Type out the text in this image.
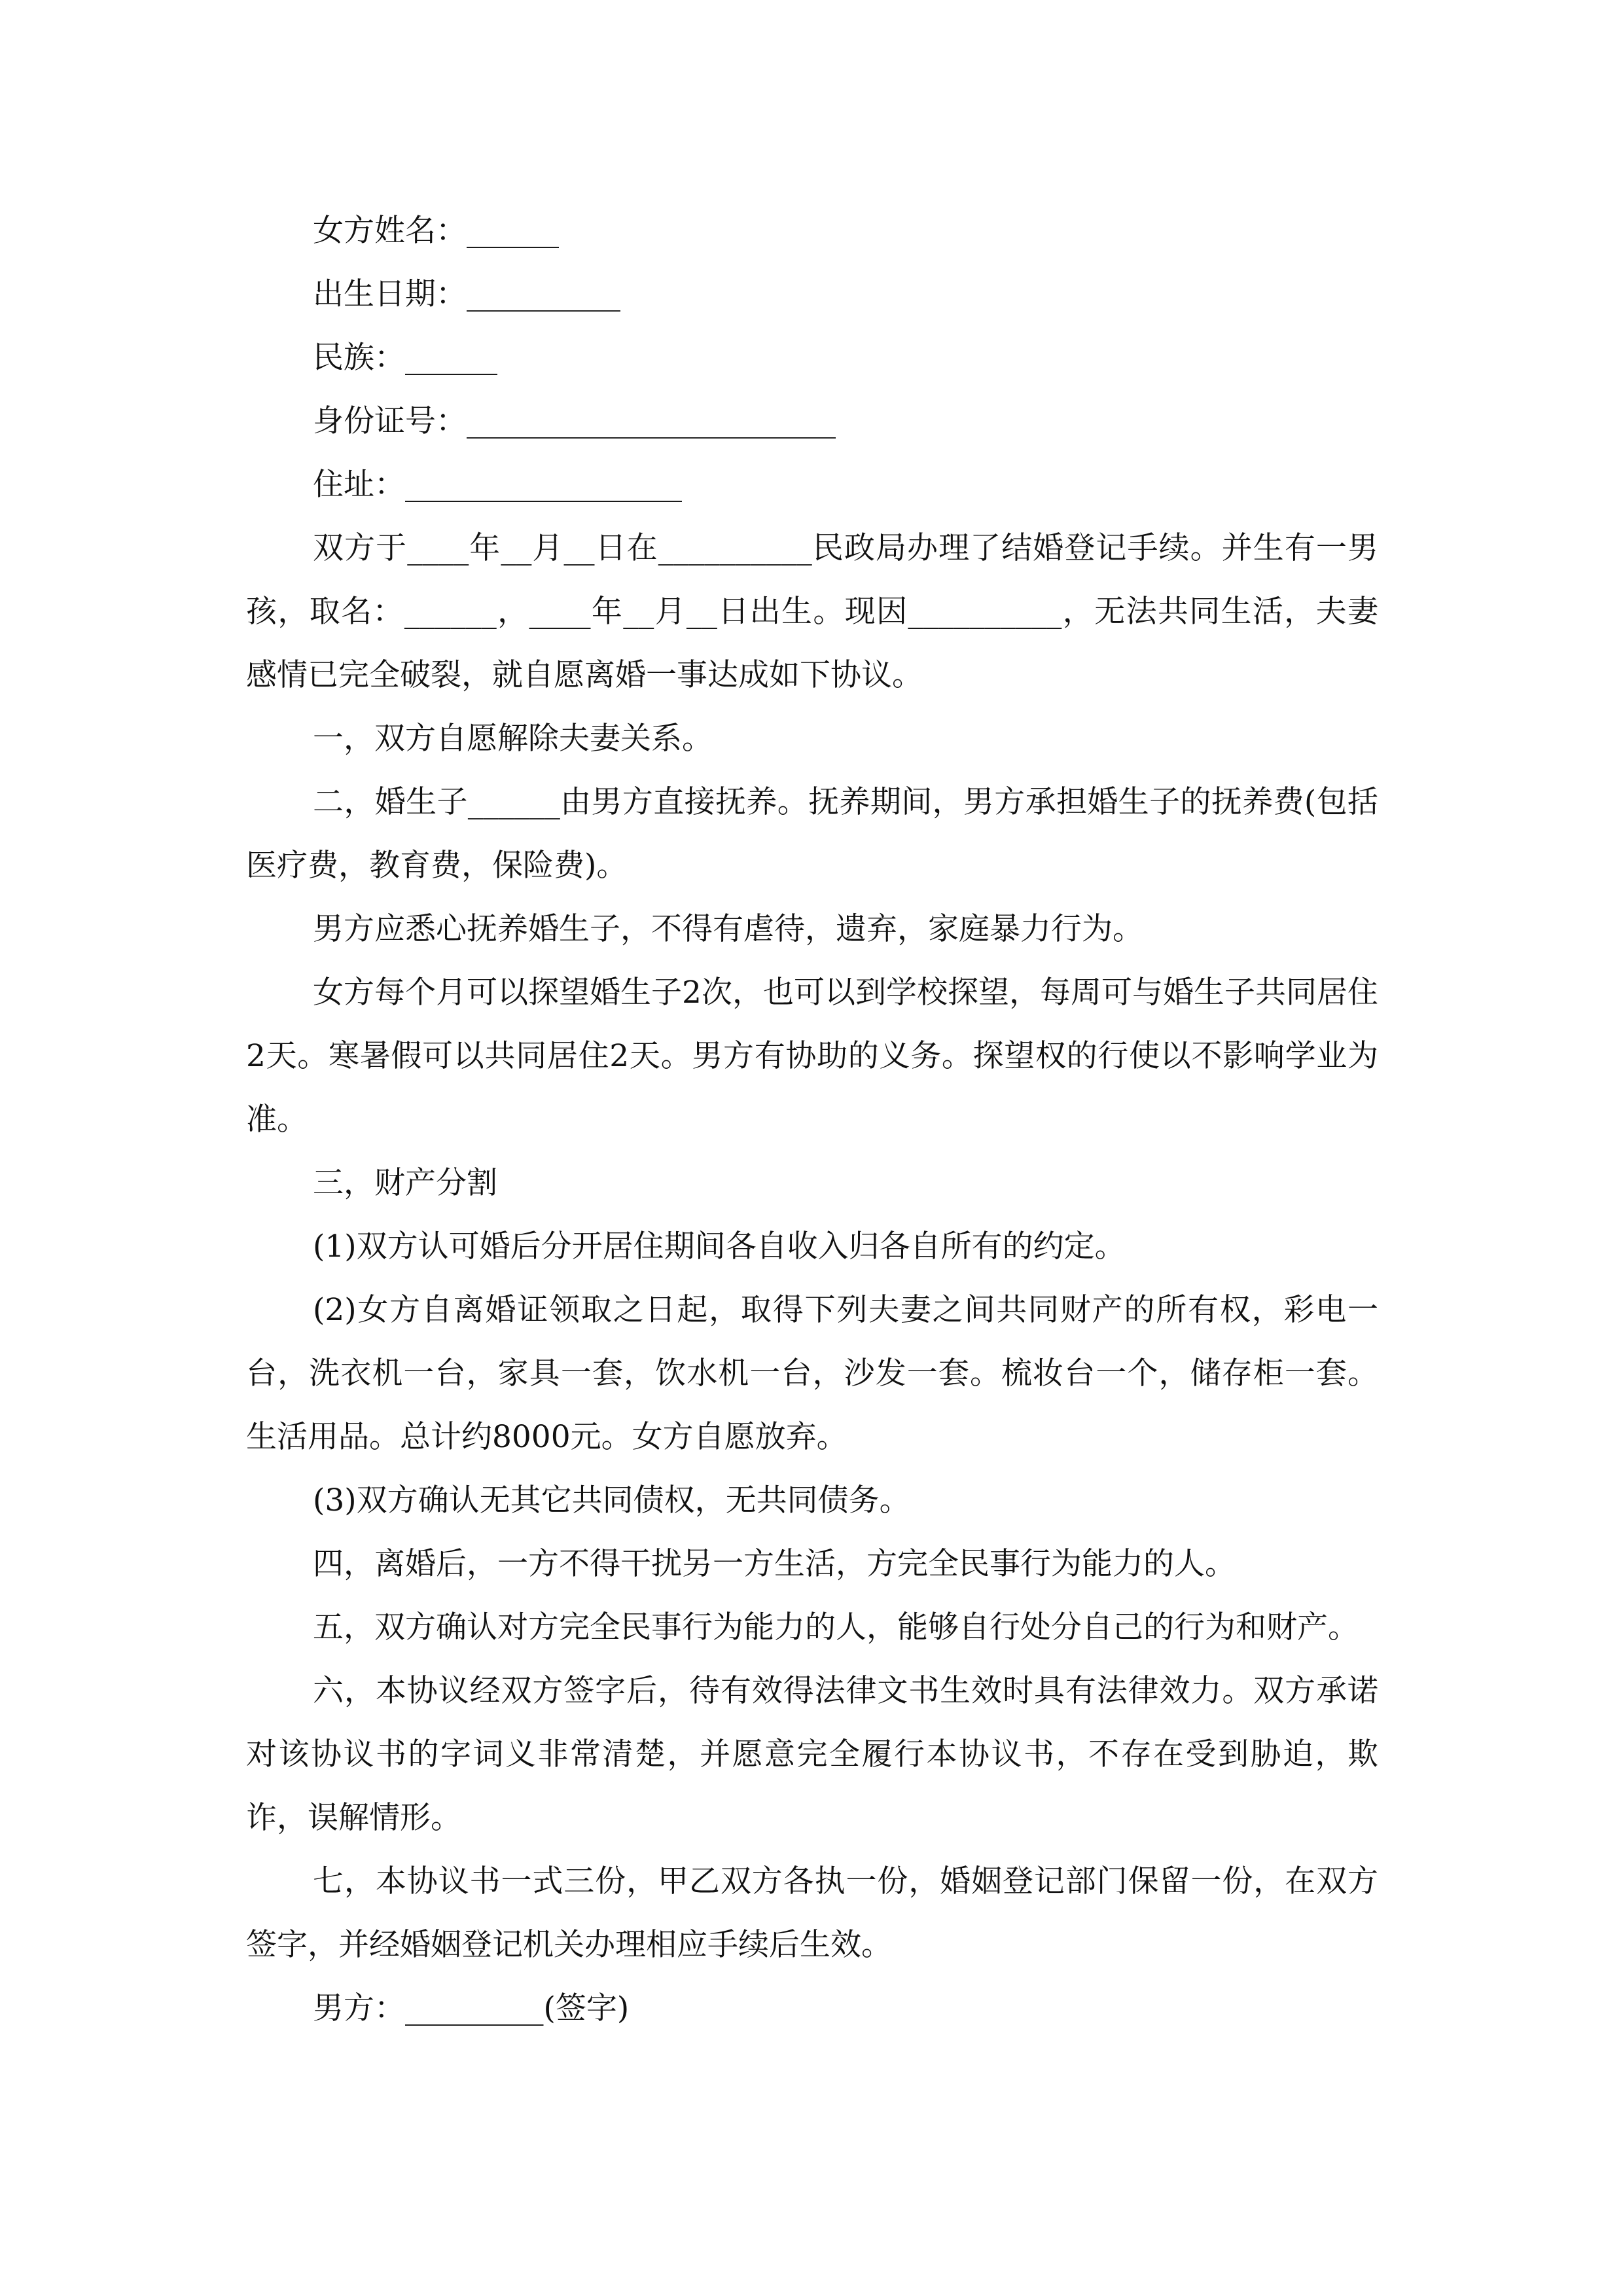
女方姓名：______

出生日期：__________

民族：______

身份证号：________________________

住址：__________________

双方于____年__月__日在__________民政局办理了结婚登记手续。并生有一男孩，取名：______，____年__月__日出生。现因__________，无法共同生活，夫妻感情已完全破裂，就自愿离婚一事达成如下协议。

一，双方自愿解除夫妻关系。

二，婚生子______由男方直接抚养。抚养期间，男方承担婚生子的抚养费(包括医疗费，教育费，保险费)。

男方应悉心抚养婚生子，不得有虐待，遗弃，家庭暴力行为。

女方每个月可以探望婚生子2次，也可以到学校探望，每周可与婚生子共同居住2天。寒暑假可以共同居住2天。男方有协助的义务。探望权的行使以不影响学业为准。

三，财产分割

(1)双方认可婚后分开居住期间各自收入归各自所有的约定。

(2)女方自离婚证领取之日起，取得下列夫妻之间共同财产的所有权，彩电一台，洗衣机一台，家具一套，饮水机一台，沙发一套。梳妆台一个，储存柜一套。生活用品。总计约8000元。女方自愿放弃。

(3)双方确认无其它共同债权，无共同债务。

四，离婚后，一方不得干扰另一方生活，方完全民事行为能力的人。

五，双方确认对方完全民事行为能力的人，能够自行处分自己的行为和财产。

六，本协议经双方签字后，待有效得法律文书生效时具有法律效力。双方承诺对该协议书的字词义非常清楚，并愿意完全履行本协议书，不存在受到胁迫，欺诈，误解情形。

七，本协议书一式三份，甲乙双方各执一份，婚姻登记部门保留一份，在双方签字，并经婚姻登记机关办理相应手续后生效。

男方：_________(签字)
